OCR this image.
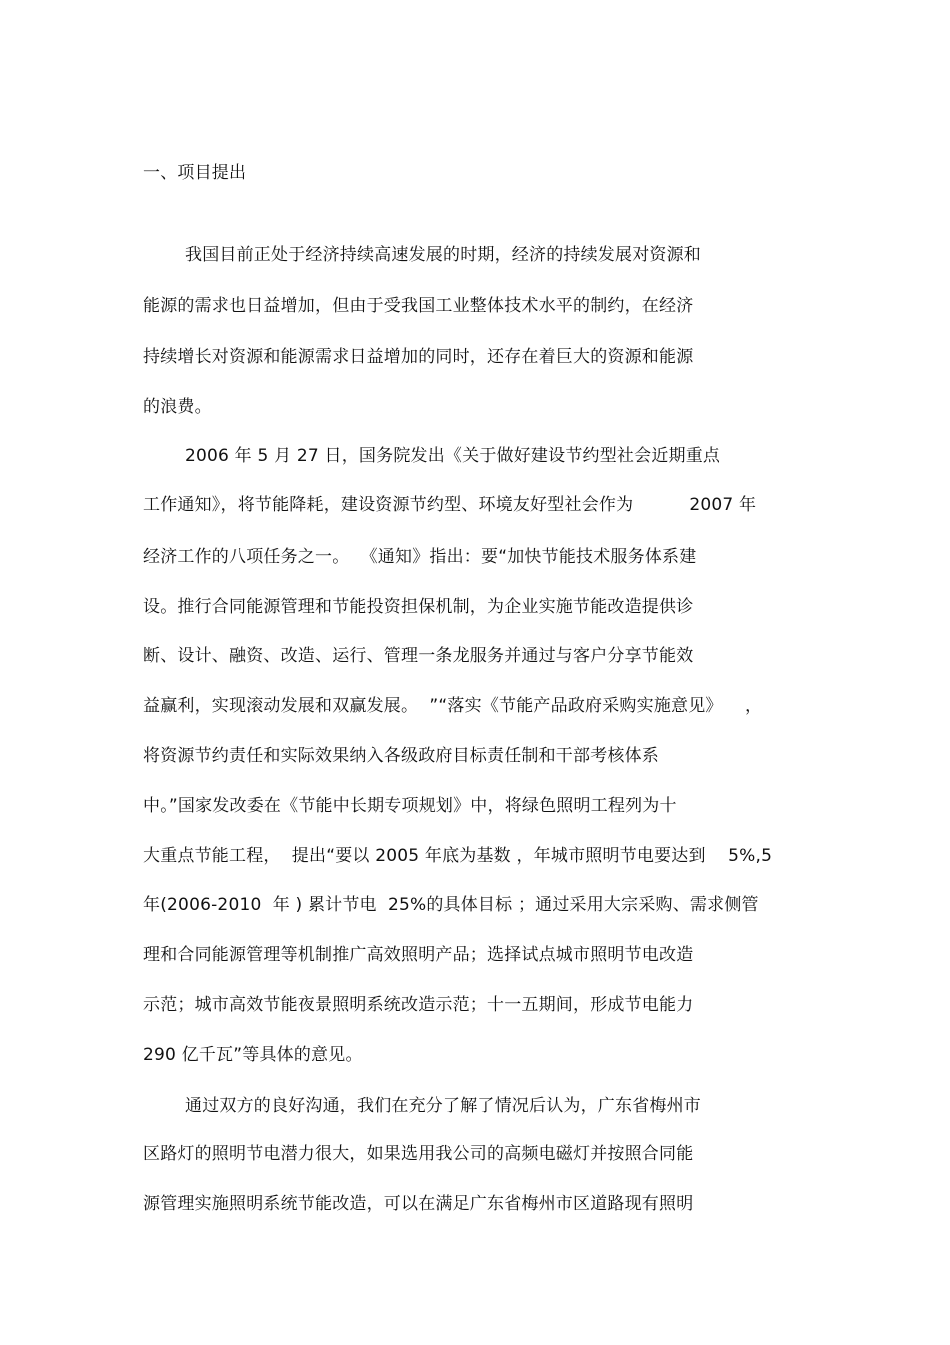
一、项目提出
我国目前正处于经济持续高速发展的时期，经济的持续发展对资源和
能源的需求也日益增加，但由于受我国工业整体技术水平的制约，在经济
持续增长对资源和能源需求日益增加的同时，还存在着巨大的资源和能源
的浪费。
2006 年 5 月 27 日，国务院发出《关于做好建设节约型社会近期重点
工作通知》，将节能降耗，建设资源节约型、环境友好型社会作为          2007 年
经济工作的八项任务之一。  《通知》指出：要“加快节能技术服务体系建
设。推行合同能源管理和节能投资担保机制，为企业实施节能改造提供诊
断、设计、融资、改造、运行、管理一条龙服务并通过与客户分享节能效
益赢利，实现滚动发展和双赢发展。  ”“落实《节能产品政府采购实施意见》    ，
将资源节约责任和实际效果纳入各级政府目标责任制和干部考核体系
中。”国家发改委在《节能中长期专项规划》中，将绿色照明工程列为十
大重点节能工程，  提出“要以 2005 年底为基数 ，年城市照明节电要达到    5%,5
年(2006-2010  年 ) 累计节电  25%的具体目标 ；通过采用大宗采购、需求侧管
理和合同能源管理等机制推广高效照明产品；选择试点城市照明节电改造
示范；城市高效节能夜景照明系统改造示范；十一五期间，形成节电能力
290 亿千瓦”等具体的意见。
通过双方的良好沟通，我们在充分了解了情况后认为，广东省梅州市
区路灯的照明节电潜力很大，如果选用我公司的高频电磁灯并按照合同能
源管理实施照明系统节能改造，可以在满足广东省梅州市区道路现有照明
